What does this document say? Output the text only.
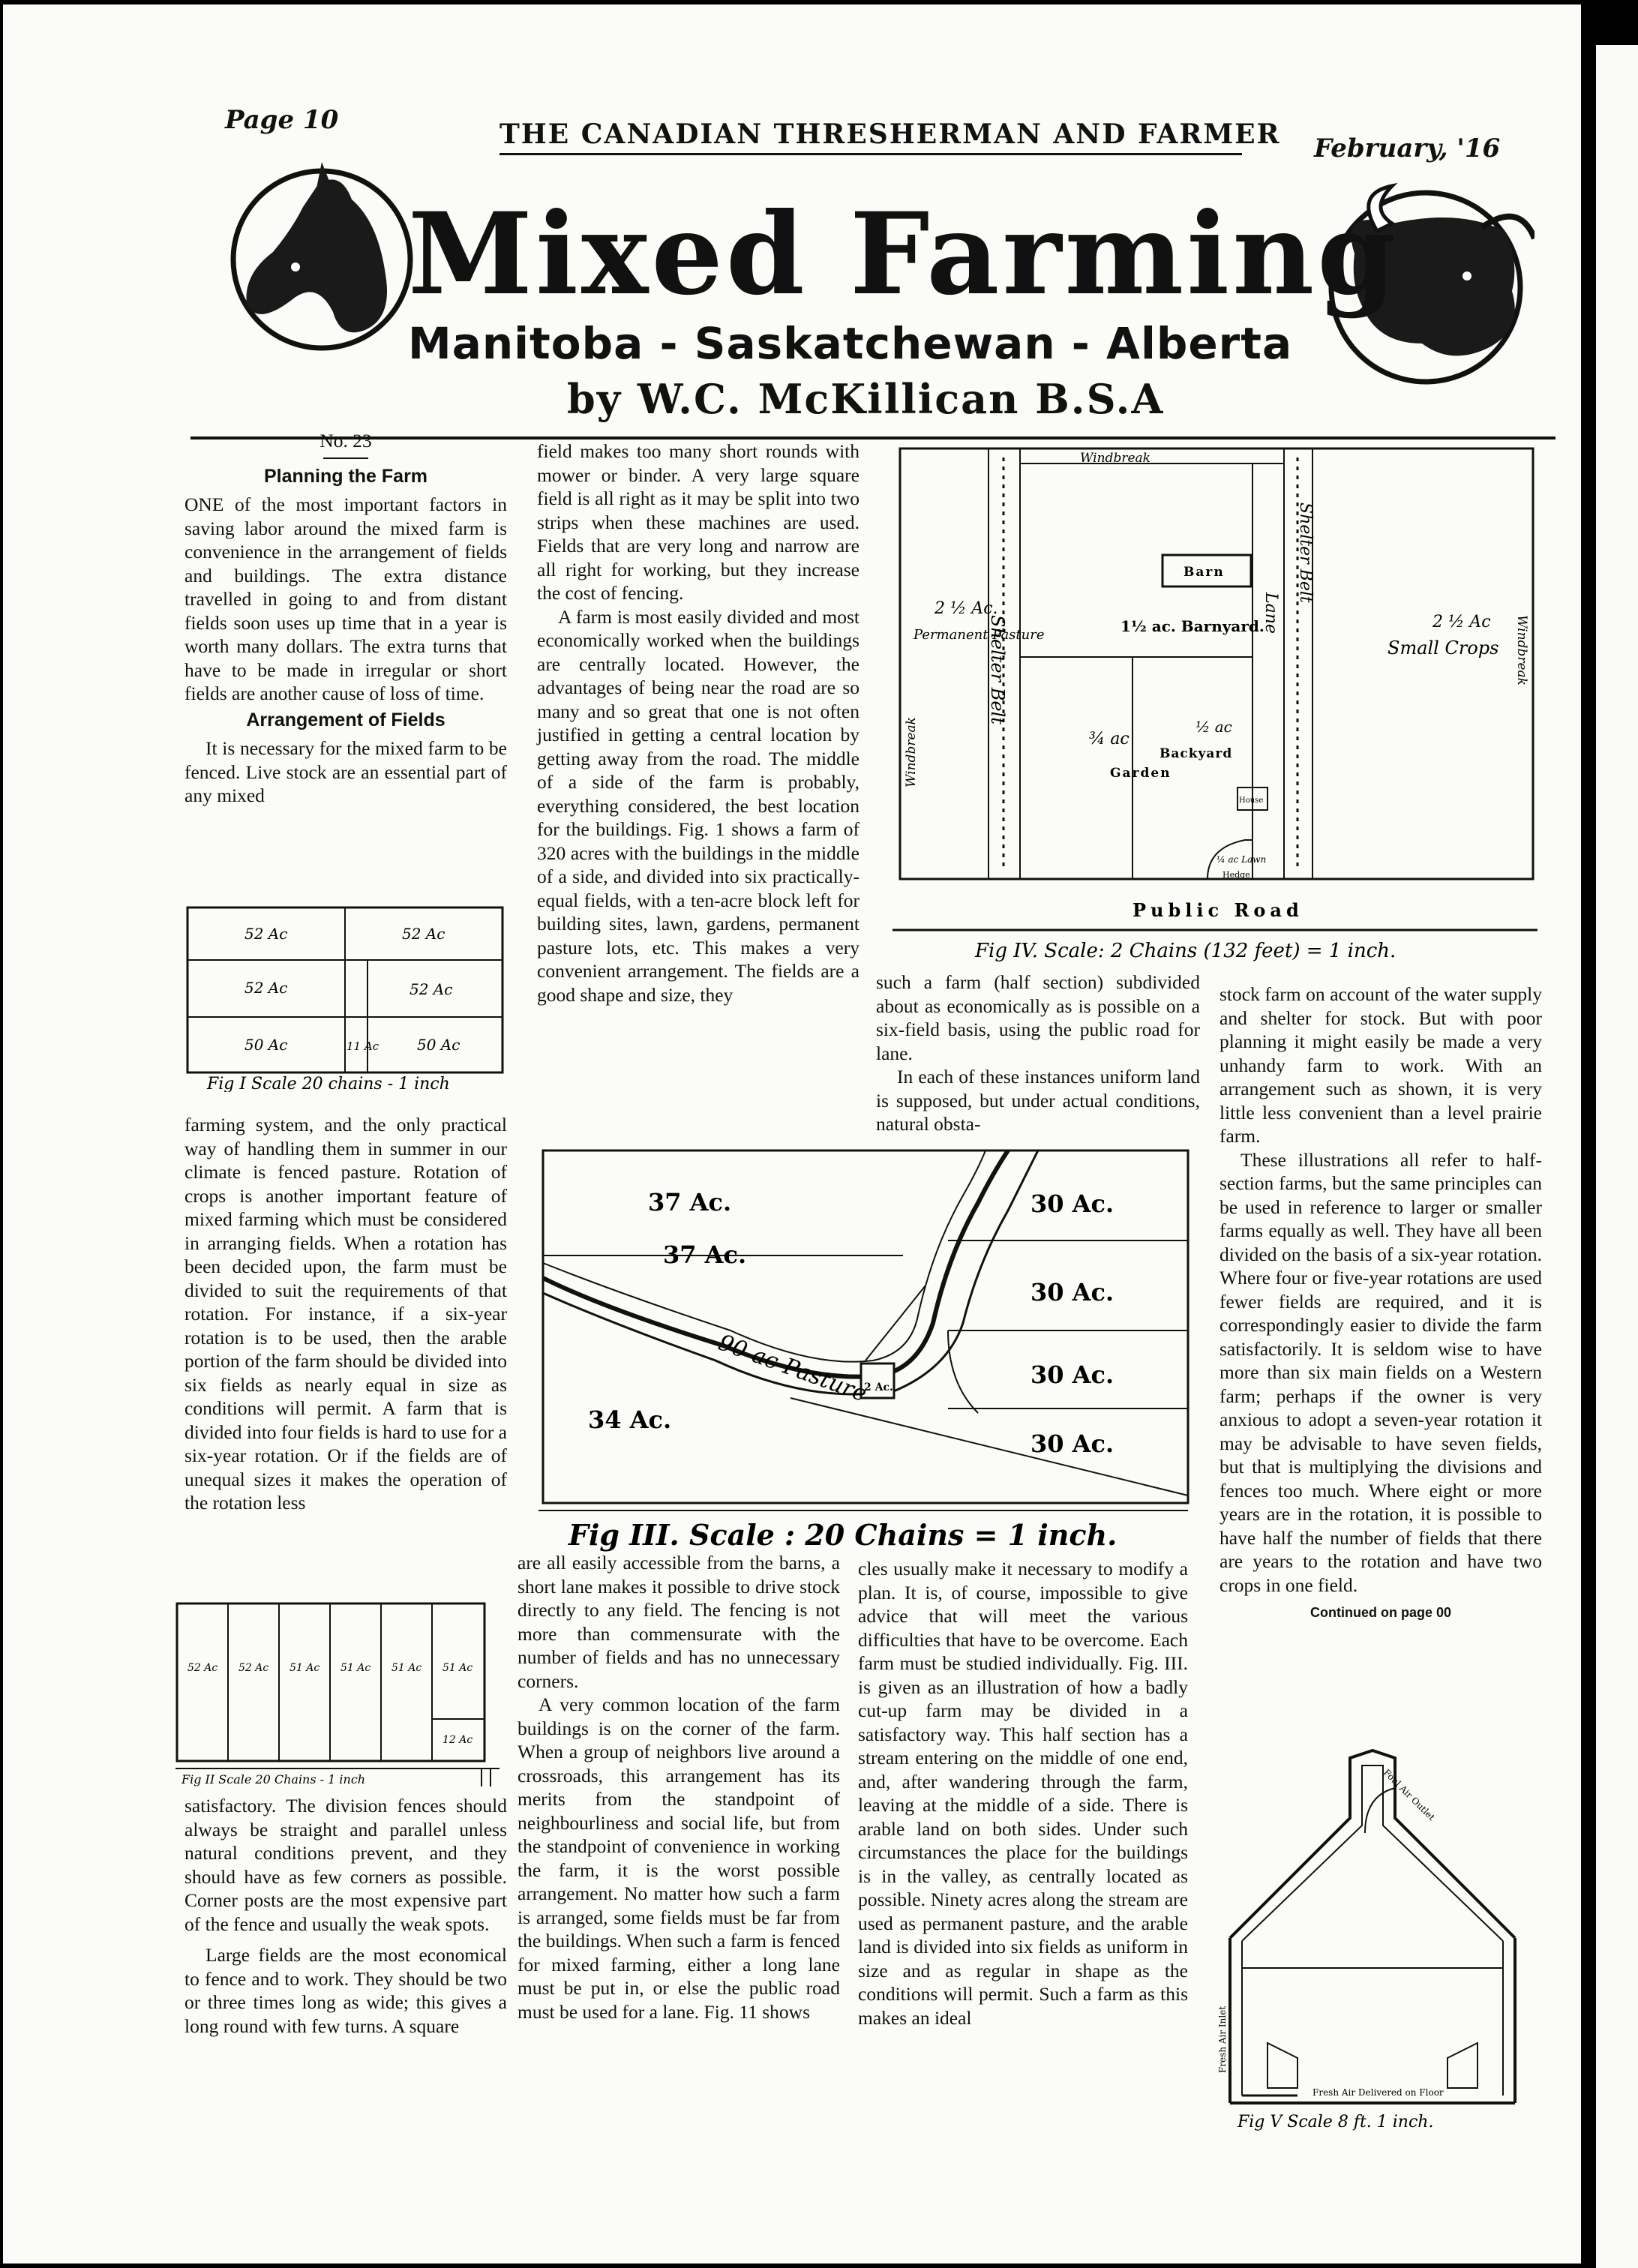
Page 10	THE CANADIAN THRESHERMAN AND FARMER February, '16
Mixed Farming
Manitoba - Saskatchewan - Alberta
by W.C. McKillican B.S.A
No. 23
Planning the Farm

ONE of the most important factors in saving labor around the mixed farm is convenience in the arrangement of fields and buildings. The extra distance travelled in going to and from distant fields soon uses up time that in a year is worth many dollars. The extra turns that have to be made in irregular or short fields are another cause of loss of time.

Arrangement of Fields

It is necessary for the mixed farm to be fenced. Live stock are an essential part of any mixed

52 Ac	52 Ac
52 Ac	52 Ac
50 Ac	11 Ac	50 Ac
Fig I Scale 20 chains - 1 inch

farming system, and the only practical way of handling them in summer in our climate is fenced pasture. Rotation of crops is another important feature of mixed farming which must be considered in arranging fields. When a rotation has been decided upon, the farm must be divided to suit the requirements of that rotation. For instance, if a six-year rotation is to be used, then the arable portion of the farm should be divided into six fields as nearly equal in size as conditions will permit. A farm that is divided into four fields is hard to use for a six-year rotation. Or if the fields are of unequal sizes it makes the operation of the rotation less

52 Ac 52 Ac 51 Ac 51 Ac 51 Ac 51 Ac
12 Ac
Fig II Scale 20 Chains - 1 inch

satisfactory. The division fences should always be straight and parallel unless natural conditions prevent, and they should have as few corners as possible. Corner posts are the most expensive part of the fence and usually the weak spots.

Large fields are the most economical to fence and to work. They should be two or three times long as wide; this gives a long round with few turns. A square

field makes too many short rounds with mower or binder. A very large square field is all right as it may be split into two strips when these machines are used. Fields that are very long and narrow are all right for working, but they increase the cost of fencing.

A farm is most easily divided and most economically worked when the buildings are centrally located. However, the advantages of being near the road are so many and so great that one is not often justified in getting a central location by getting away from the road. The middle of a side of the farm is probably, everything considered, the best location for the buildings. Fig. 1 shows a farm of 320 acres with the buildings in the middle of a side, and divided into six practically-equal fields, with a ten-acre block left for building sites, lawn, gardens, permanent pasture lots, etc. This makes a very convenient arrangement. The fields are a good shape and size, they

are all easily accessible from the barns, a short lane makes it possible to drive stock directly to any field. The fencing is not more than commensurate with the number of fields and has no unnecessary corners.

A very common location of the farm buildings is on the corner of the farm. When a group of neighbors live around a crossroads, this arrangement has its merits from the standpoint of neighbourliness and social life, but from the standpoint of convenience in working the farm, it is the worst possible arrangement. No matter how such a farm is arranged, some fields must be far from the buildings. When such a farm is fenced for mixed farming, either a long lane must be put in, or else the public road must be used for a lane. Fig. 11 shows

Windbreak
Windbreak
Windbreak
2 ½ Ac.
Permanent Pasture
Shelter Belt
Barn
1½ ac. Barnyard.
¾ ac
Garden
½ ac
Backyard
House
¼ ac Lawn
Hedge
Lane
Shelter Belt
2 ½ Ac
Small Crops
Public Road
Fig IV. Scale: 2 Chains (132 feet) = 1 inch.

such a farm (half section) subdivided about as economically as is possible on a six-field basis, using the public road for lane.

In each of these instances uniform land is supposed, but under actual conditions, natural obsta-

37 Ac.
37 Ac.
34 Ac.
30 Ac.
30 Ac.
30 Ac.
30 Ac.
90 ac Pasture
2 Ac.
Fig III. Scale : 20 Chains = 1 inch.

cles usually make it necessary to modify a plan. It is, of course, impossible to give advice that will meet the various difficulties that have to be overcome. Each farm must be studied individually. Fig. III. is given as an illustration of how a badly cut-up farm may be divided in a satisfactory way. This half section has a stream entering on the middle of one end, and, after wandering through the farm, leaving at the middle of a side. There is arable land on both sides. Under such circumstances the place for the buildings is in the valley, as centrally located as possible. Ninety acres along the stream are used as permanent pasture, and the arable land is divided into six fields as uniform in size and as regular in shape as the conditions will permit. Such a farm as this makes an ideal

stock farm on account of the water supply and shelter for stock. But with poor planning it might easily be made a very unhandy farm to work. With an arrangement such as shown, it is very little less convenient than a level prairie farm.

These illustrations all refer to half-section farms, but the same principles can be used in reference to larger or smaller farms equally as well. They have all been divided on the basis of a six-year rotation. Where four or five-year rotations are used fewer fields are required, and it is correspondingly easier to divide the farm satisfactorily. It is seldom wise to have more than six main fields on a Western farm; perhaps if the owner is very anxious to adopt a seven-year rotation it may be advisable to have seven fields, but that is multiplying the divisions and fences too much. Where eight or more years are in the rotation, it is possible to have half the number of fields that there are years to the rotation and have two crops in one field.

Continued on page 00
Foul Air Outlet
Fresh Air Inlet
Fresh Air Delivered on Floor
Fig V Scale 8 ft. 1 inch.
